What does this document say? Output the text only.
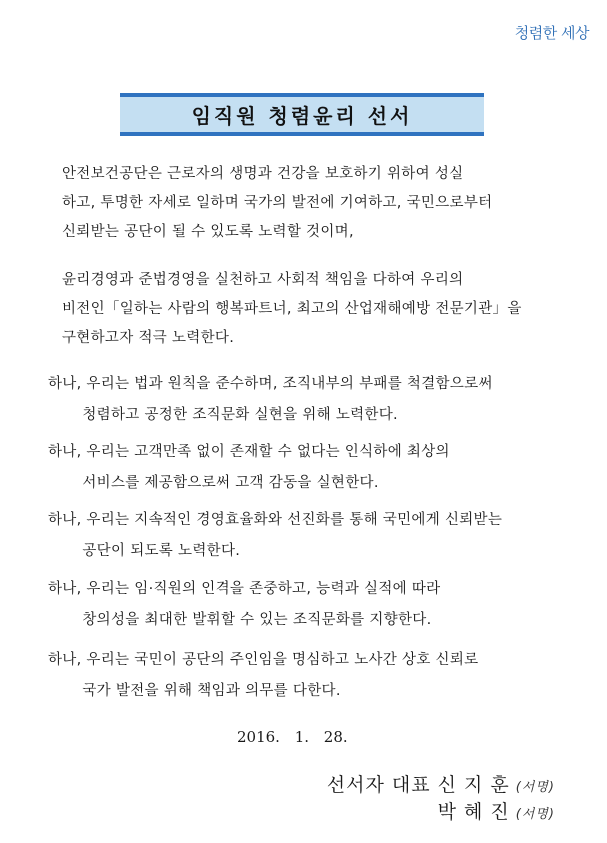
청렴한 세상
임직원 청렴윤리 선서
안전보건공단은 근로자의 생명과 건강을 보호하기 위하여 성실
하고, 투명한 자세로 일하며 국가의 발전에 기여하고, 국민으로부터
신뢰받는 공단이 될 수 있도록 노력할 것이며,
윤리경영과 준법경영을 실천하고 사회적 책임을 다하여 우리의
비전인「일하는 사람의 행복파트너, 최고의 산업재해예방 전문기관」을
구현하고자 적극 노력한다.
하나, 우리는 법과 원칙을 준수하며, 조직내부의 부패를 척결함으로써
청렴하고 공정한 조직문화 실현을 위해 노력한다.
하나, 우리는 고객만족 없이 존재할 수 없다는 인식하에 최상의
서비스를 제공함으로써 고객 감동을 실현한다.
하나, 우리는 지속적인 경영효율화와 선진화를 통해 국민에게 신뢰받는
공단이 되도록 노력한다.
하나, 우리는 임·직원의 인격을 존중하고, 능력과 실적에 따라
창의성을 최대한 발휘할 수 있는 조직문화를 지향한다.
하나, 우리는 국민이 공단의 주인임을 명심하고 노사간 상호 신뢰로
국가 발전을 위해 책임과 의무를 다한다.
2016. 1. 28.
선서자 대표 신 지 훈 (서명)
박 혜 진 (서명)
